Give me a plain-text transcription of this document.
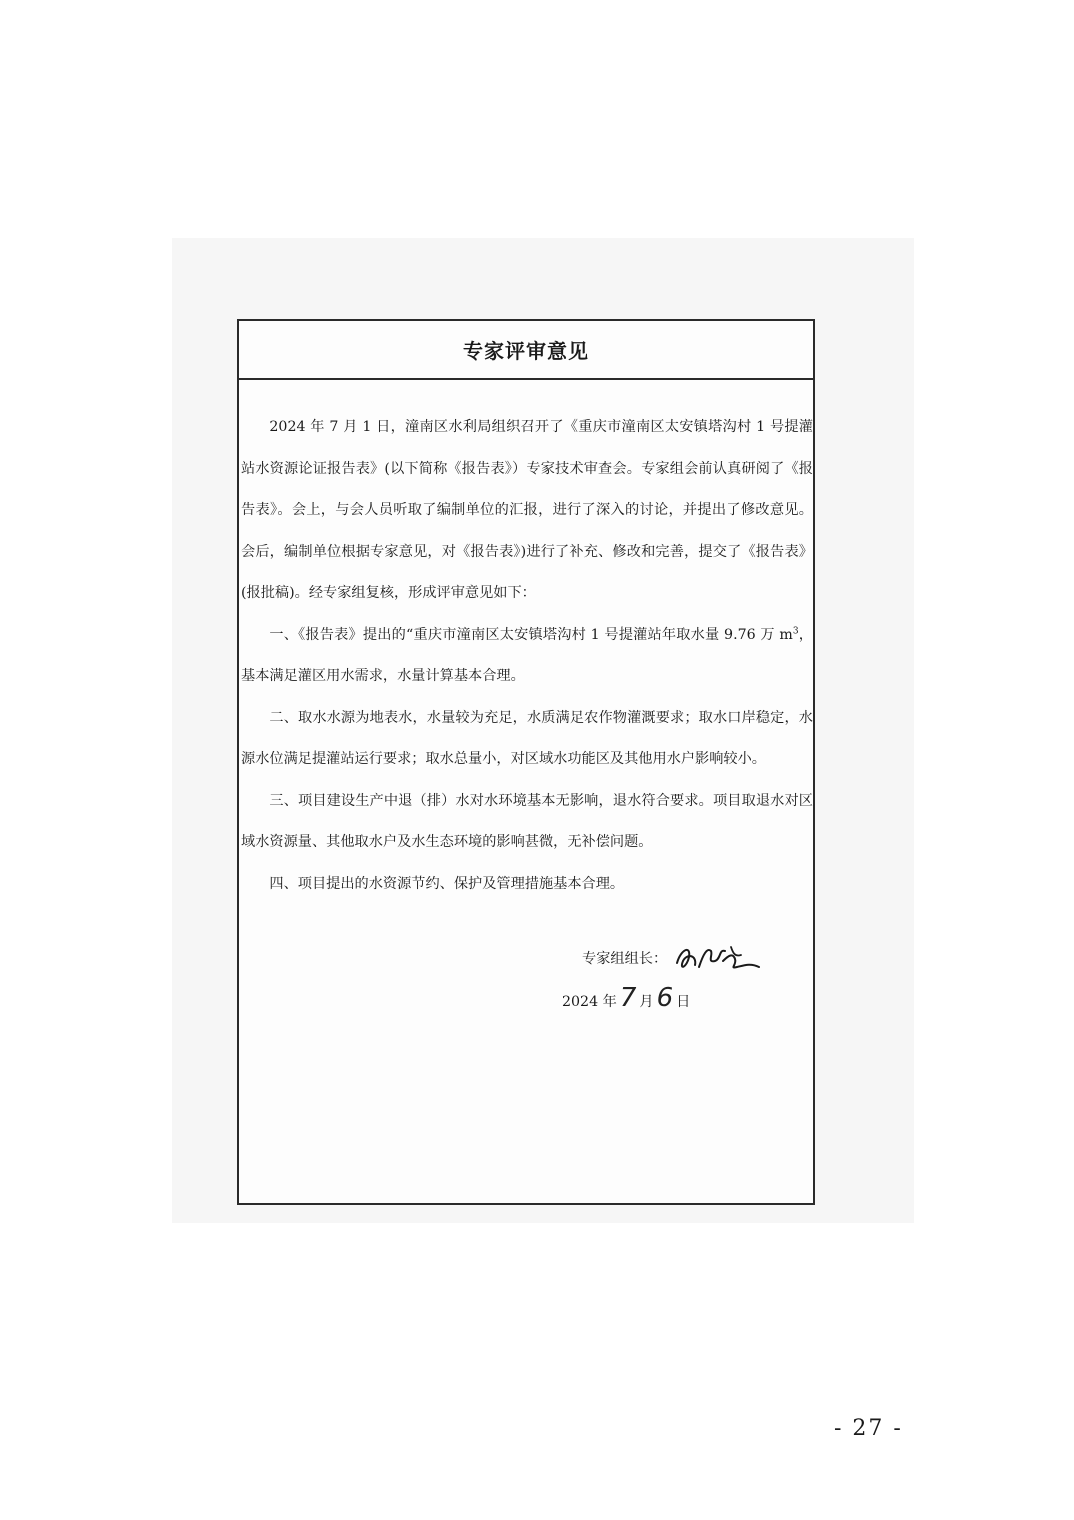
专家评审意见

2024 年 7 月 1 日，潼南区水利局组织召开了《重庆市潼南区太安镇塔沟村 1 号提灌站水资源论证报告表》(以下简称《报告表》）专家技术审查会。专家组会前认真研阅了《报告表》。会上，与会人员听取了编制单位的汇报，进行了深入的讨论，并提出了修改意见。会后，编制单位根据专家意见，对《报告表》)进行了补充、修改和完善，提交了《报告表》(报批稿)。经专家组复核，形成评审意见如下：

一、《报告表》提出的“重庆市潼南区太安镇塔沟村 1 号提灌站年取水量 9.76 万 $m^3$，基本满足灌区用水需求，水量计算基本合理。

二、取水水源为地表水，水量较为充足，水质满足农作物灌溉要求；取水口岸稳定，水源水位满足提灌站运行要求；取水总量小，对区域水功能区及其他用水户影响较小。

三、项目建设生产中退（排）水对水环境基本无影响，退水符合要求。项目取退水对区域水资源量、其他取水户及水生态环境的影响甚微，无补偿问题。

四、项目提出的水资源节约、保护及管理措施基本合理。

专家组组长：
2024 年 7 月 6 日
- 27 -
